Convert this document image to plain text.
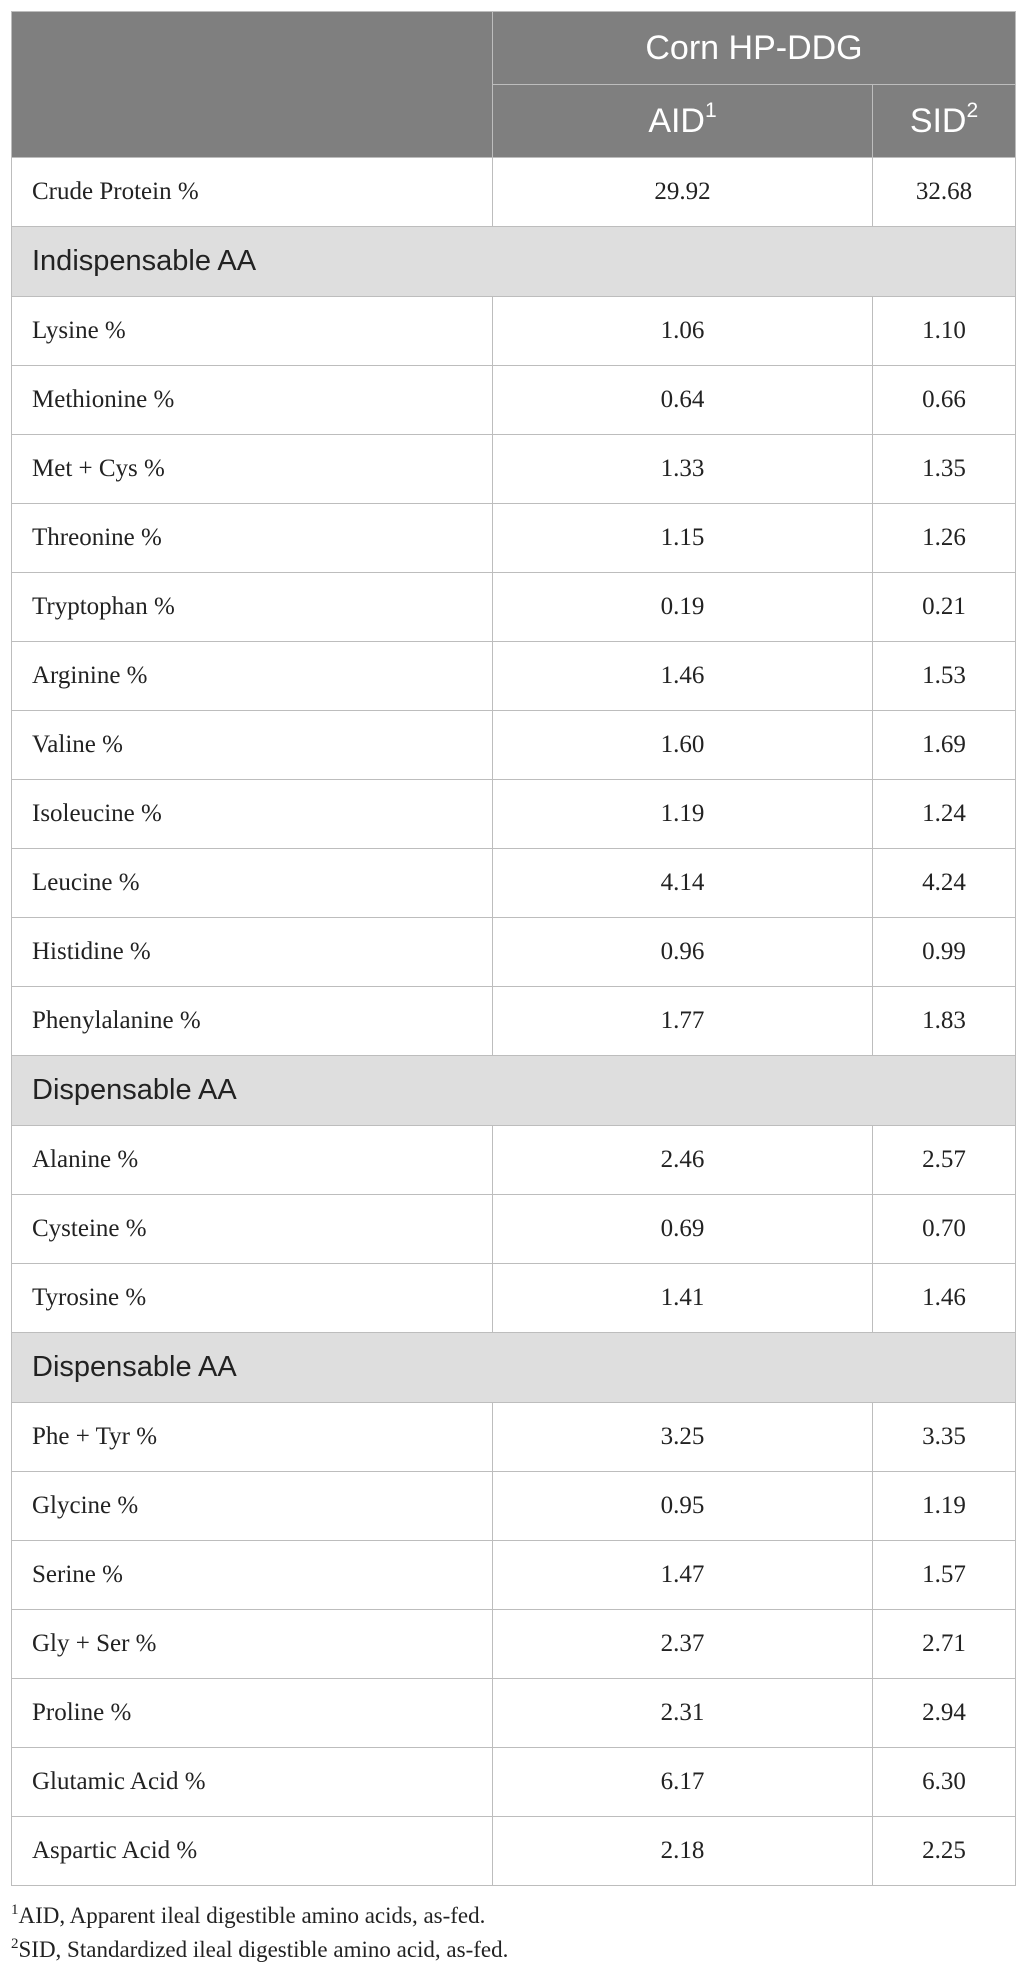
	Corn HP-DDG	
	AID$^1$	SID$^2$
Crude Protein %	29.92	32.68
Indispensable AA		
Lysine %	1.06	1.10
Methionine %	0.64	0.66
Met + Cys %	1.33	1.35
Threonine %	1.15	1.26
Tryptophan %	0.19	0.21
Arginine %	1.46	1.53
Valine %	1.60	1.69
Isoleucine %	1.19	1.24
Leucine %	4.14	4.24
Histidine %	0.96	0.99
Phenylalanine %	1.77	1.83
Dispensable AA		
Alanine %	2.46	2.57
Cysteine %	0.69	0.70
Tyrosine %	1.41	1.46
Dispensable AA		
Phe + Tyr %	3.25	3.35
Glycine %	0.95	1.19
Serine %	1.47	1.57
Gly + Ser %	2.37	2.71
Proline %	2.31	2.94
Glutamic Acid %	6.17	6.30
Aspartic Acid %	2.18	2.25
$^1$AID, Apparent ileal digestible amino acids, as-fed.
$^2$SID, Standardized ileal digestible amino acid, as-fed.
